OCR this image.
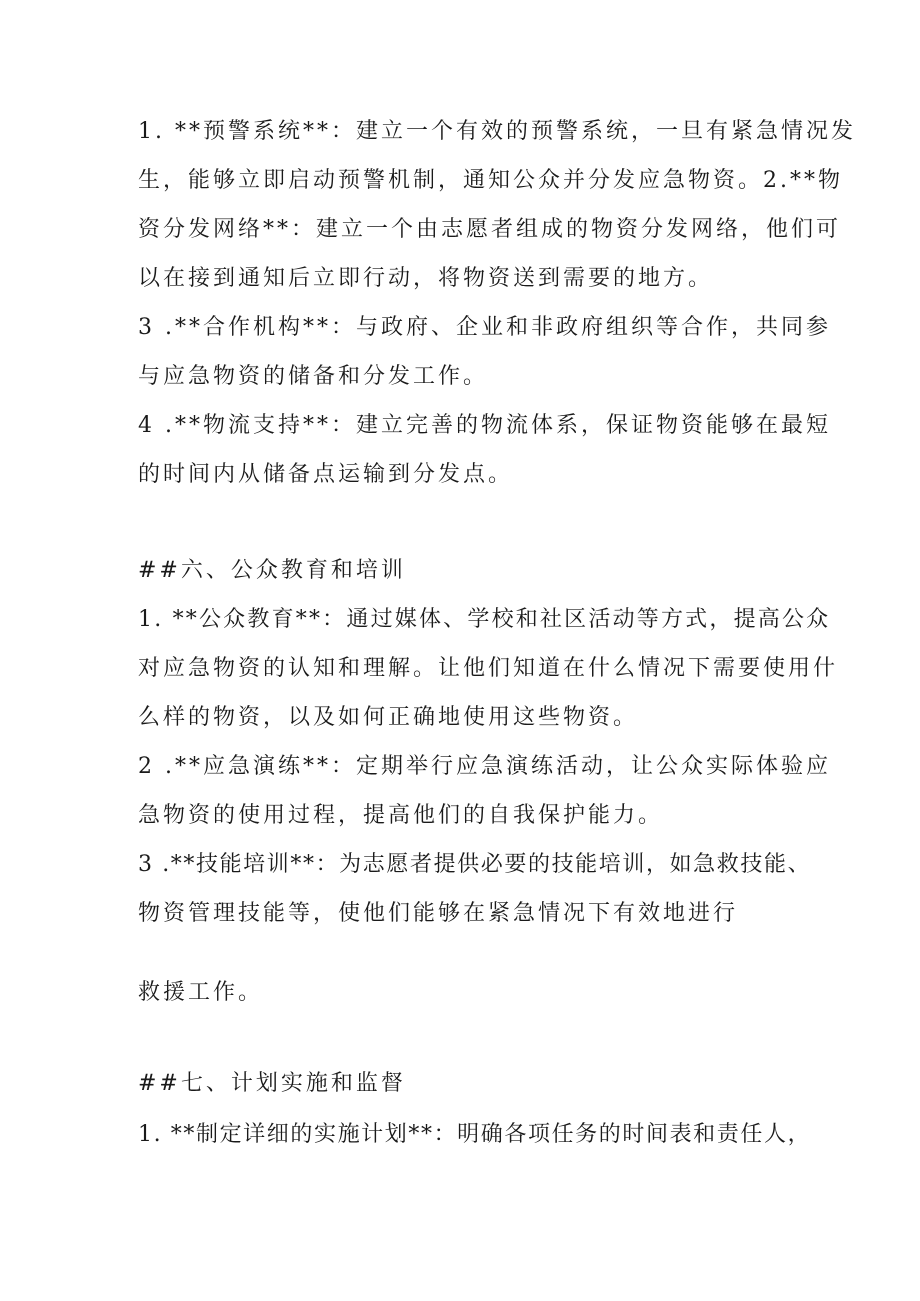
1. **预警系统**：建立一个有效的预警系统，一旦有紧急情况发
生，能够立即启动预警机制，通知公众并分发应急物资。2.**物
资分发网络**：建立一个由志愿者组成的物资分发网络，他们可
以在接到通知后立即行动，将物资送到需要的地方。
3 .**合作机构**：与政府、企业和非政府组织等合作，共同参
与应急物资的储备和分发工作。
4 .**物流支持**：建立完善的物流体系，保证物资能够在最短
的时间内从储备点运输到分发点。
##六、公众教育和培训
1. **公众教育**：通过媒体、学校和社区活动等方式，提高公众
对应急物资的认知和理解。让他们知道在什么情况下需要使用什
么样的物资，以及如何正确地使用这些物资。
2 .**应急演练**：定期举行应急演练活动，让公众实际体验应
急物资的使用过程，提高他们的自我保护能力。
3 .**技能培训**：为志愿者提供必要的技能培训，如急救技能、
物资管理技能等，使他们能够在紧急情况下有效地进行
救援工作。
##七、计划实施和监督
1. **制定详细的实施计划**：明确各项任务的时间表和责任人，
